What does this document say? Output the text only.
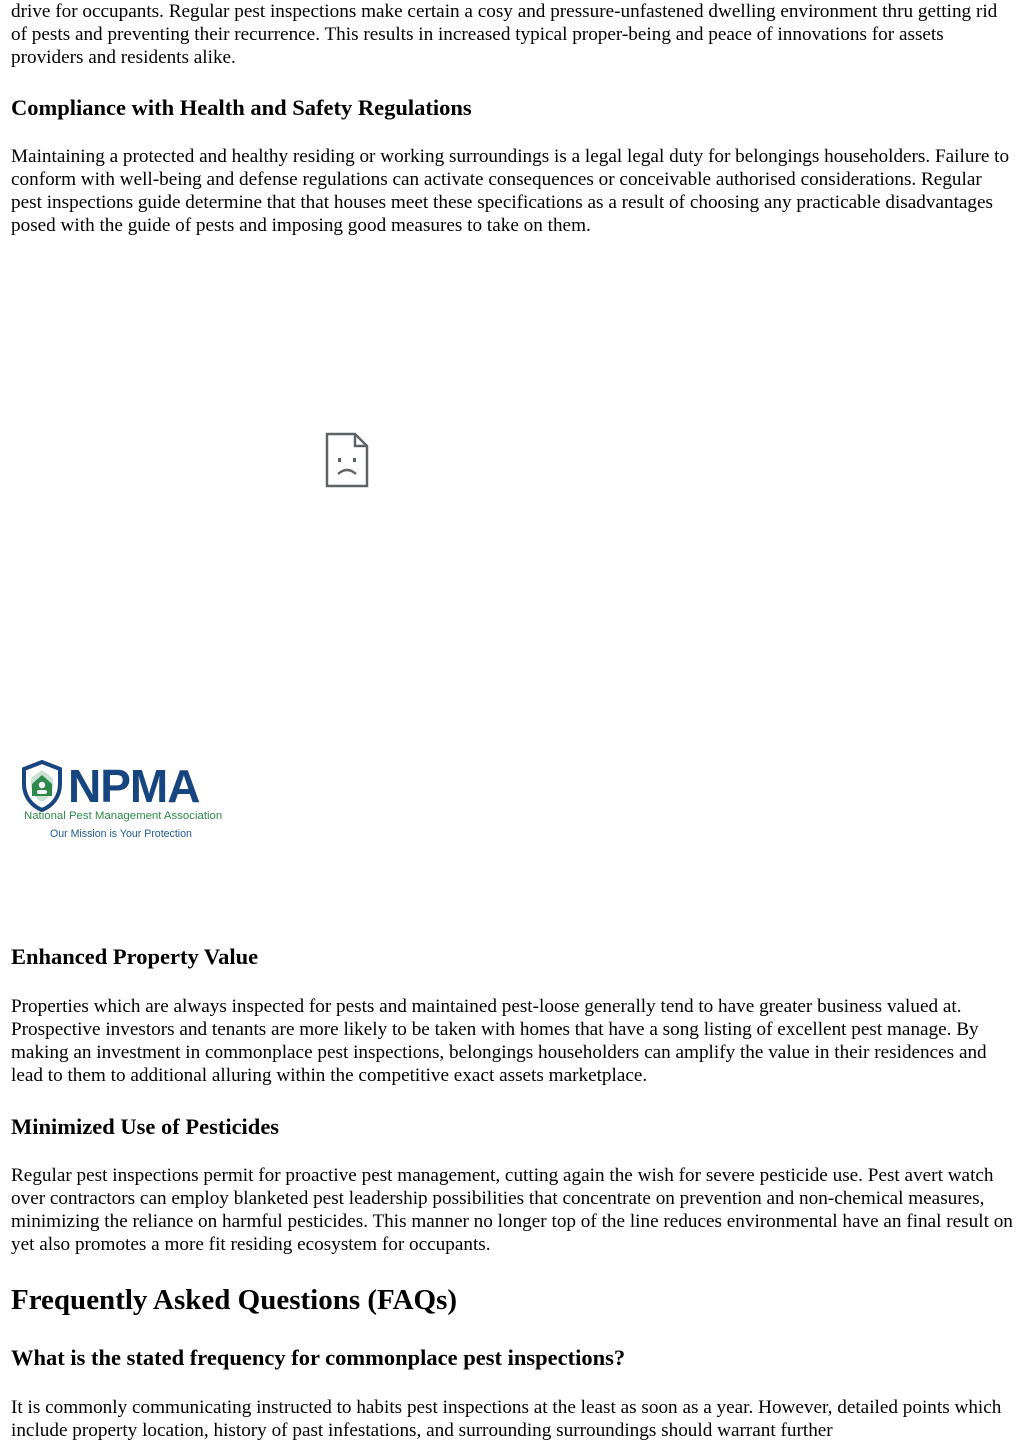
drive for occupants. Regular pest inspections make certain a cosy and pressure-unfastened dwelling environment thru getting rid of pests and preventing their recurrence. This results in increased typical proper-being and peace of innovations for assets providers and residents alike.

Compliance with Health and Safety Regulations

Maintaining a protected and healthy residing or working surroundings is a legal legal duty for belongings householders. Failure to conform with well-being and defense regulations can activate consequences or conceivable authorised considerations. Regular pest inspections guide determine that that houses meet these specifications as a result of choosing any practicable disadvantages posed with the guide of pests and imposing good measures to take on them.

NPMA
National Pest Management Association
Our Mission is Your Protection
Enhanced Property Value

Properties which are always inspected for pests and maintained pest-loose generally tend to have greater business valued at. Prospective investors and tenants are more likely to be taken with homes that have a song listing of excellent pest manage. By making an investment in commonplace pest inspections, belongings householders can amplify the value in their residences and lead to them to additional alluring within the competitive exact assets marketplace.

Minimized Use of Pesticides

Regular pest inspections permit for proactive pest management, cutting again the wish for severe pesticide use. Pest avert watch over contractors can employ blanketed pest leadership possibilities that concentrate on prevention and non-chemical measures, minimizing the reliance on harmful pesticides. This manner no longer top of the line reduces environmental have an final result on yet also promotes a more fit residing ecosystem for occupants.

Frequently Asked Questions (FAQs)
What is the stated frequency for commonplace pest inspections?

It is commonly communicating instructed to habits pest inspections at the least as soon as a year. However, detailed points which include property location, history of past infestations, and surrounding surroundings should warrant further
